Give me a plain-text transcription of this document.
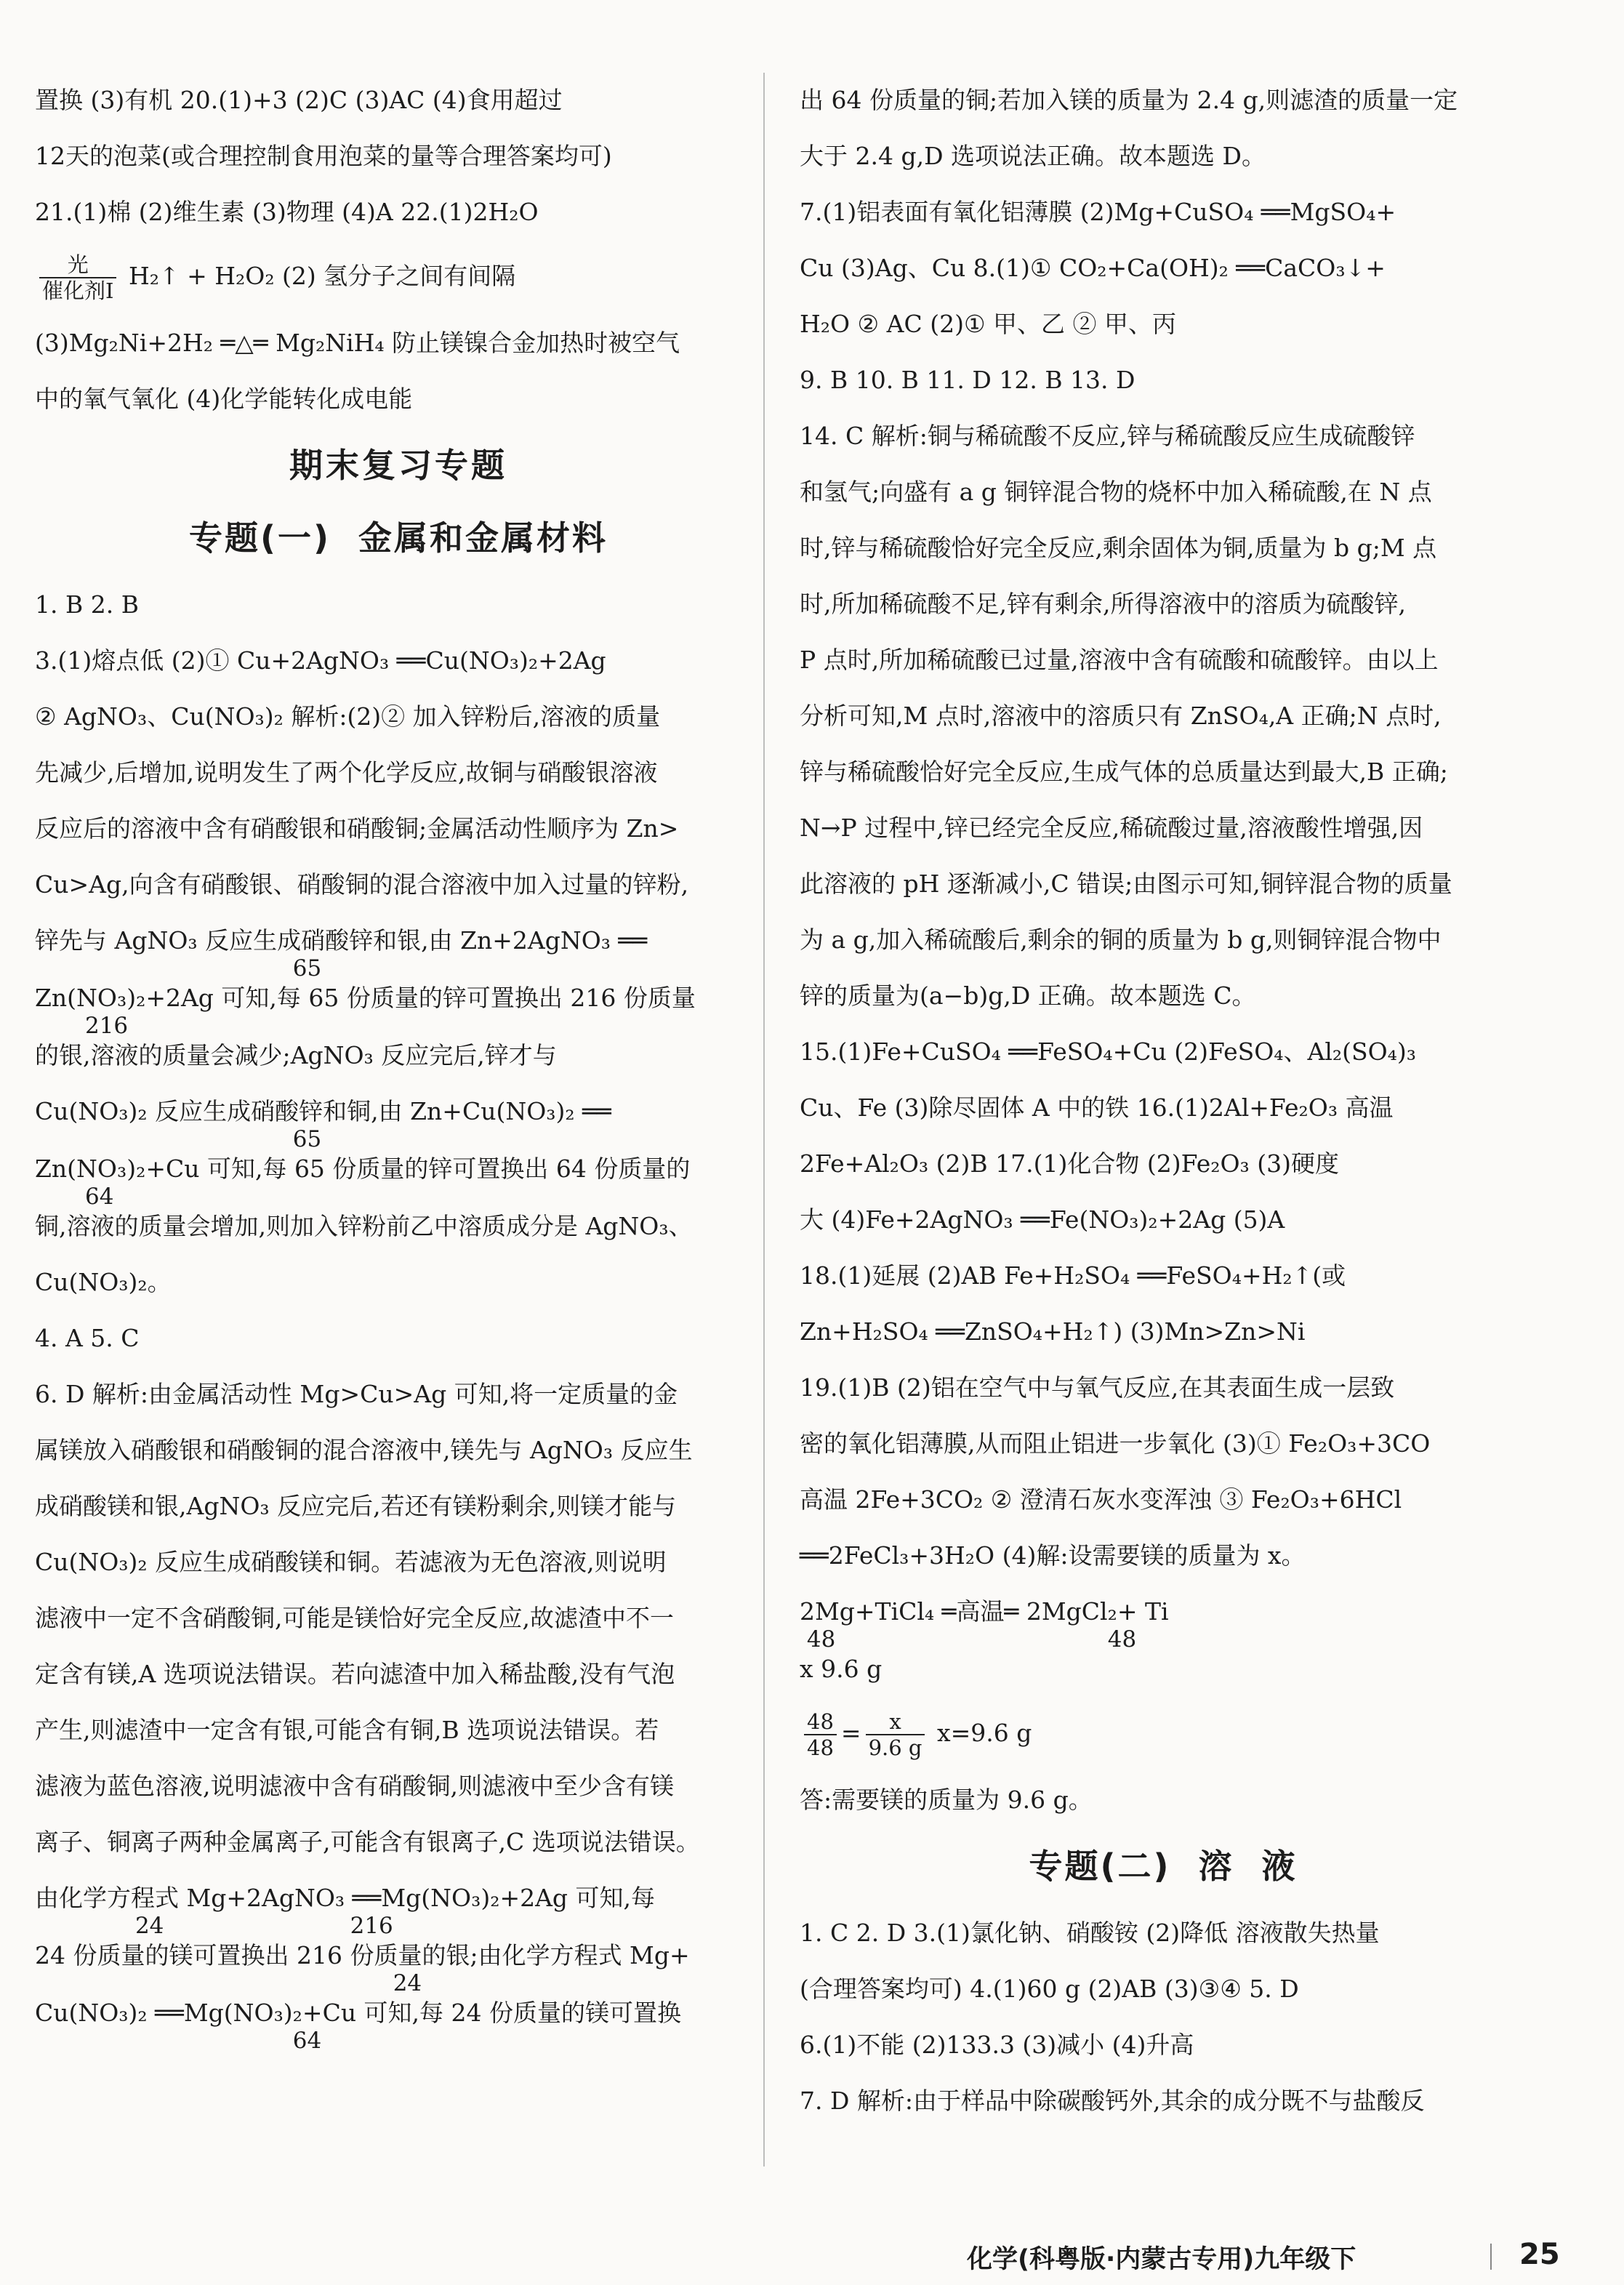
置换 (3)有机 20.(1)+3 (2)C (3)AC (4)食用超过
12天的泡菜(或合理控制食用泡菜的量等合理答案均可)
21.(1)棉 (2)维生素 (3)物理 (4)A 22.(1)2H₂O
$\frac{\text{光}}{\text{催化剂Ⅰ}}$ H₂↑ + H₂O₂ (2) 氢分子之间有间隔
(3)Mg₂Ni+2H₂ ═△═ Mg₂NiH₄ 防止镁镍合金加热时被空气
中的氧气氧化 (4)化学能转化成电能
期末复习专题
专题(一)  金属和金属材料
1. B 2. B
3.(1)熔点低 (2)① Cu+2AgNO₃ ══Cu(NO₃)₂+2Ag
② AgNO₃、Cu(NO₃)₂ 解析:(2)② 加入锌粉后,溶液的质量
先减少,后增加,说明发生了两个化学反应,故铜与硝酸银溶液
反应后的溶液中含有硝酸银和硝酸铜;金属活动性顺序为 Zn>
Cu>Ag,向含有硝酸银、硝酸铜的混合溶液中加入过量的锌粉,
锌先与 AgNO₃ 反应生成硝酸锌和银,由 Zn+2AgNO₃ ══
65
Zn(NO₃)₂+2Ag 可知,每 65 份质量的锌可置换出 216 份质量
216
的银,溶液的质量会减少;AgNO₃ 反应完后,锌才与
Cu(NO₃)₂ 反应生成硝酸锌和铜,由 Zn+Cu(NO₃)₂ ══
65
Zn(NO₃)₂+Cu 可知,每 65 份质量的锌可置换出 64 份质量的
64
铜,溶液的质量会增加,则加入锌粉前乙中溶质成分是 AgNO₃、
Cu(NO₃)₂。
4. A 5. C
6. D 解析:由金属活动性 Mg>Cu>Ag 可知,将一定质量的金
属镁放入硝酸银和硝酸铜的混合溶液中,镁先与 AgNO₃ 反应生
成硝酸镁和银,AgNO₃ 反应完后,若还有镁粉剩余,则镁才能与
Cu(NO₃)₂ 反应生成硝酸镁和铜。若滤液为无色溶液,则说明
滤液中一定不含硝酸铜,可能是镁恰好完全反应,故滤渣中不一
定含有镁,A 选项说法错误。若向滤渣中加入稀盐酸,没有气泡
产生,则滤渣中一定含有银,可能含有铜,B 选项说法错误。若
滤液为蓝色溶液,说明滤液中含有硝酸铜,则滤液中至少含有镁
离子、铜离子两种金属离子,可能含有银离子,C 选项说法错误。
由化学方程式 Mg+2AgNO₃ ══Mg(NO₃)₂+2Ag 可知,每
24                          216
24 份质量的镁可置换出 216 份质量的银;由化学方程式 Mg+
24
Cu(NO₃)₂ ══Mg(NO₃)₂+Cu 可知,每 24 份质量的镁可置换
64
出 64 份质量的铜;若加入镁的质量为 2.4 g,则滤渣的质量一定
大于 2.4 g,D 选项说法正确。故本题选 D。
7.(1)铝表面有氧化铝薄膜 (2)Mg+CuSO₄ ══MgSO₄+
Cu (3)Ag、Cu 8.(1)① CO₂+Ca(OH)₂ ══CaCO₃↓+
H₂O ② AC (2)① 甲、乙 ② 甲、丙
9. B 10. B 11. D 12. B 13. D
14. C 解析:铜与稀硫酸不反应,锌与稀硫酸反应生成硫酸锌
和氢气;向盛有 a g 铜锌混合物的烧杯中加入稀硫酸,在 N 点
时,锌与稀硫酸恰好完全反应,剩余固体为铜,质量为 b g;M 点
时,所加稀硫酸不足,锌有剩余,所得溶液中的溶质为硫酸锌,
P 点时,所加稀硫酸已过量,溶液中含有硫酸和硫酸锌。由以上
分析可知,M 点时,溶液中的溶质只有 ZnSO₄,A 正确;N 点时,
锌与稀硫酸恰好完全反应,生成气体的总质量达到最大,B 正确;
N→P 过程中,锌已经完全反应,稀硫酸过量,溶液酸性增强,因
此溶液的 pH 逐渐减小,C 错误;由图示可知,铜锌混合物的质量
为 a g,加入稀硫酸后,剩余的铜的质量为 b g,则铜锌混合物中
锌的质量为(a−b)g,D 正确。故本题选 C。
15.(1)Fe+CuSO₄ ══FeSO₄+Cu (2)FeSO₄、Al₂(SO₄)₃
Cu、Fe (3)除尽固体 A 中的铁 16.(1)2Al+Fe₂O₃ 高温
2Fe+Al₂O₃ (2)B 17.(1)化合物 (2)Fe₂O₃ (3)硬度
大 (4)Fe+2AgNO₃ ══Fe(NO₃)₂+2Ag (5)A
18.(1)延展 (2)AB Fe+H₂SO₄ ══FeSO₄+H₂↑(或
Zn+H₂SO₄ ══ZnSO₄+H₂↑) (3)Mn>Zn>Ni
19.(1)B (2)铝在空气中与氧气反应,在其表面生成一层致
密的氧化铝薄膜,从而阻止铝进一步氧化 (3)① Fe₂O₃+3CO
高温 2Fe+3CO₂ ② 澄清石灰水变浑浊 ③ Fe₂O₃+6HCl
══2FeCl₃+3H₂O (4)解:设需要镁的质量为 x。
2Mg+TiCl₄ ═高温═ 2MgCl₂+ Ti
48                                      48
x 9.6 g
$\frac{48}{48} = \frac{x}{9.6 g} x=9.6$ g
答:需要镁的质量为 9.6 g。
专题(二)  溶  液
1. C 2. D 3.(1)氯化钠、硝酸铵 (2)降低 溶液散失热量
(合理答案均可) 4.(1)60 g (2)AB (3)③④ 5. D
6.(1)不能 (2)133.3 (3)减小 (4)升高
7. D 解析:由于样品中除碳酸钙外,其余的成分既不与盐酸反
化学(科粤版·内蒙古专用)九年级下	25
